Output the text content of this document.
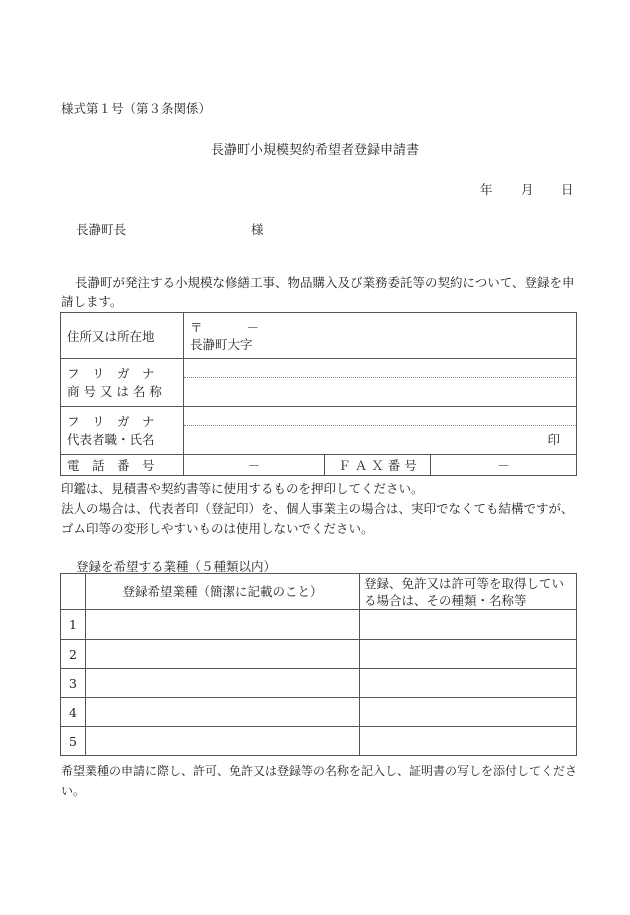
様式第１号（第３条関係）
長瀞町小規模契約希望者登録申請書
年 月 日
長瀞町長	様
長瀞町が発注する小規模な修繕工事、物品購入及び業務委託等の契約について、登録を申請します。
住所又は所在地	〒 －
長瀞町大字		

フ　リ　ガ　ナ
商 号 又 は 名 称			

フ　リ　ガ　ナ
代表者職・氏名	印		

電　話　番　号	－	Ｆ Ａ Ｘ 番 号	－
印鑑は、見積書や契約書等に使用するものを押印してください。
法人の場合は、代表者印（登記印）を、個人事業主の場合は、実印でなくても結構ですが、ゴム印等の変形しやすいものは使用しないでください。
登録を希望する業種（５種類以内）
	登録希望業種（簡潔に記載のこと）	登録、免許又は許可等を取得している場合は、その種類・名称等
1		
2		
3		
4		
5		
希望業種の申請に際し、許可、免許又は登録等の名称を記入し、証明書の写しを添付してください。
